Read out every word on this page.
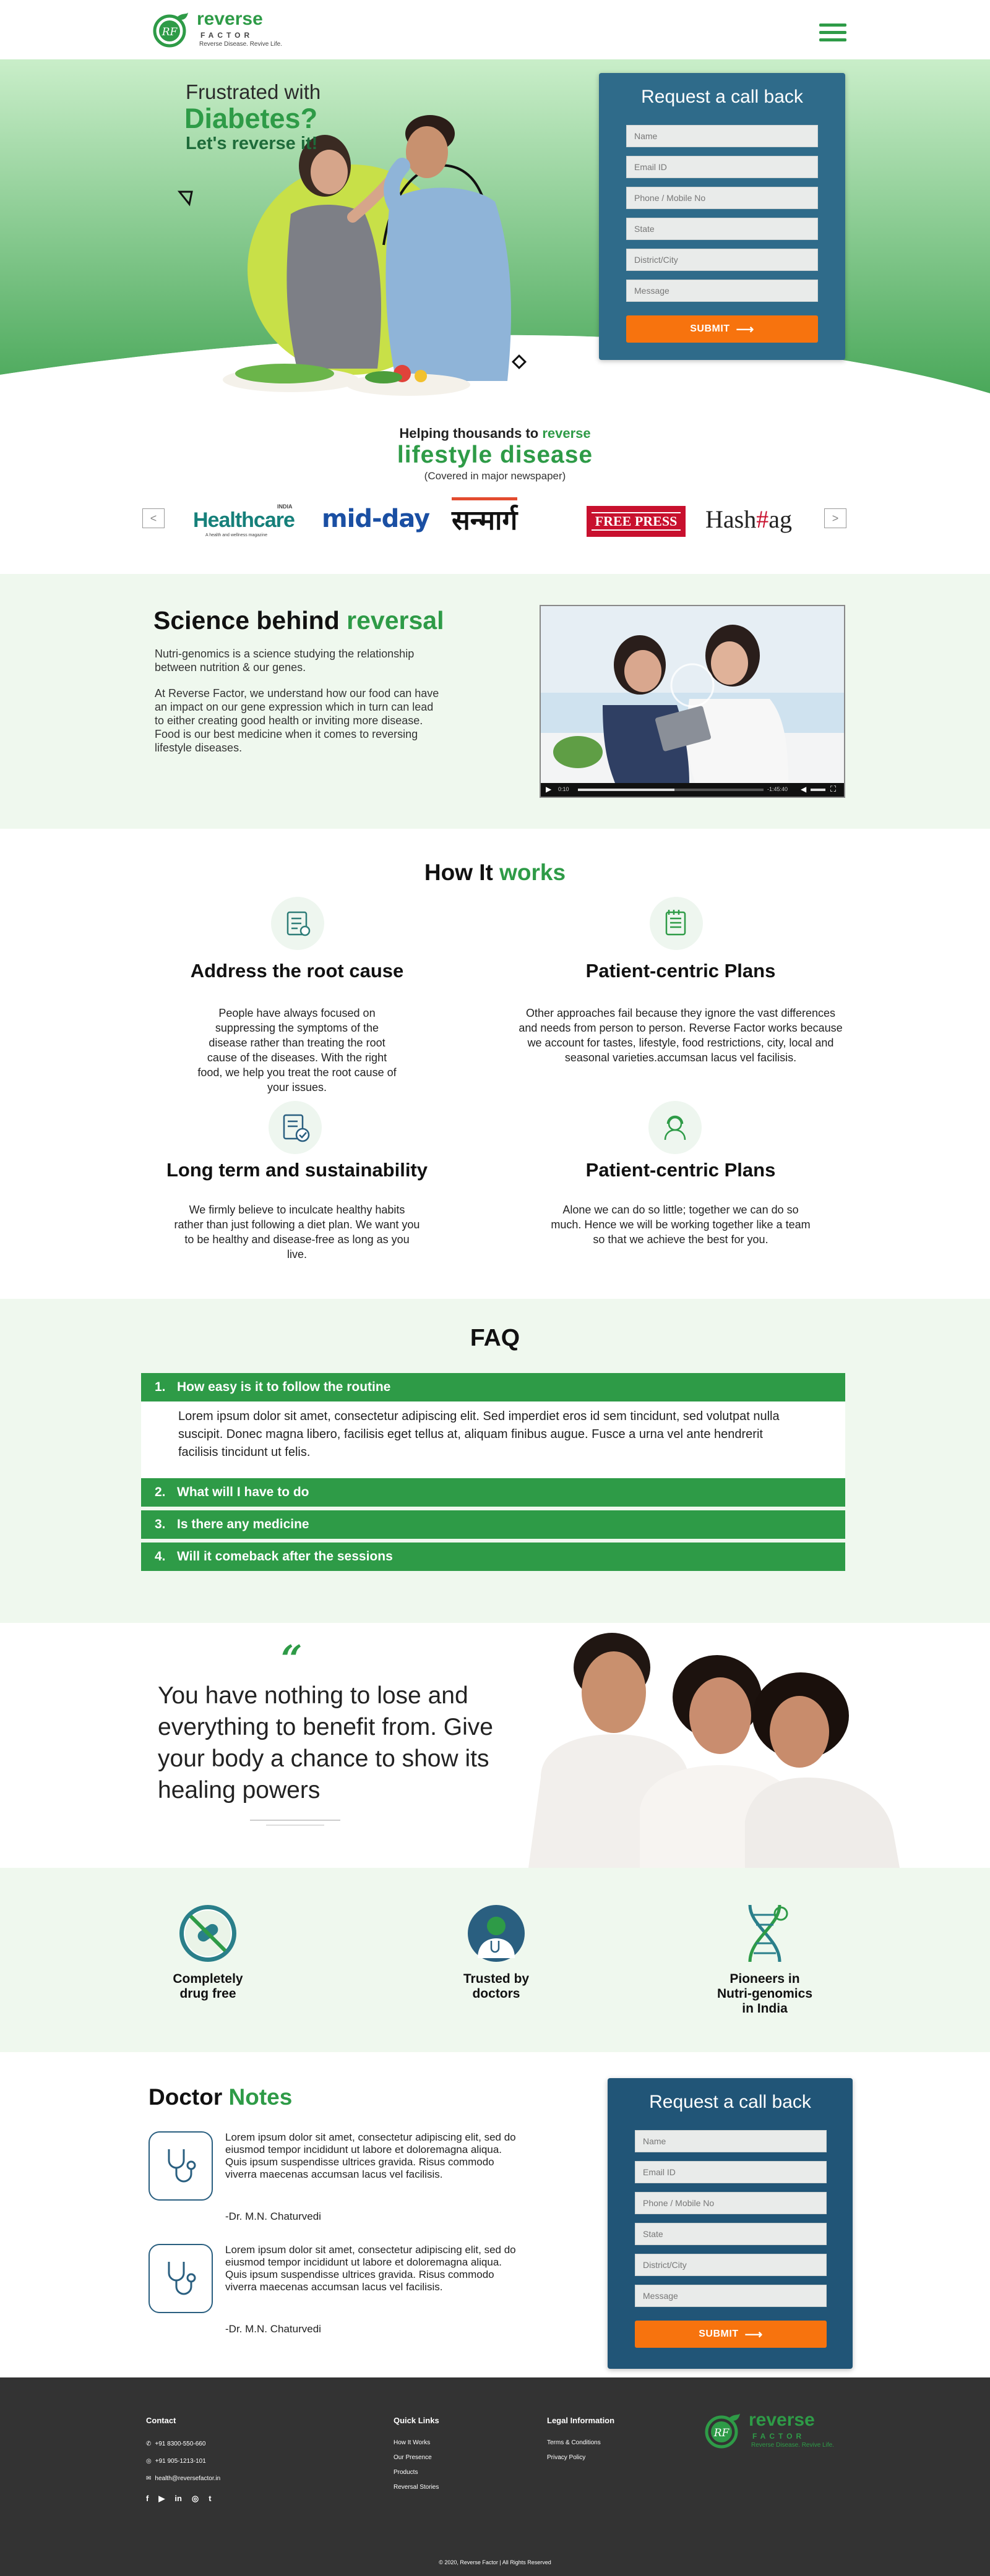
RF
reverse
FACTOR
Reverse Disease. Revive Life.
Frustrated with
Diabetes?
Let's reverse it!
Request a call back
Name
Email ID
Phone / Mobile No
State
District/City
Message
SUBMIT ⟶
Helping thousands to reverse
lifestyle disease
(Covered in major newspaper)
<	>
INDIA
Healthcare
A health and wellness magazine
mid-day सन्मार्ग	FREE PRESS Hash#ag
Science behind reversal
Nutri-genomics is a science studying the relationship between nutrition & our genes.
At Reverse Factor, we understand how our food can have an impact on our gene expression which in turn can lead to either creating good health or inviting more disease. Food is our best medicine when it comes to reversing lifestyle diseases.
▶ 0:10	-1:45:40 ◀	⛶
How It works
Address the root cause
People have always focused on suppressing the symptoms of the disease rather than treating the root cause of the diseases. With the right food, we help you treat the root cause of your issues.
Patient-centric Plans
Other approaches fail because they ignore the vast differences and needs from person to person. Reverse Factor works because we account for tastes, lifestyle, food restrictions, city, local and seasonal varieties.accumsan lacus vel facilisis.
Long term and sustainability
We firmly believe to inculcate healthy habits rather than just following a diet plan. We want you to be healthy and disease-free as long as you live.
Patient-centric Plans
Alone we can do so little; together we can do so much. Hence we will be working together like a team so that we achieve the best for you.
FAQ
1. How easy is it to follow the routine
Lorem ipsum dolor sit amet, consectetur adipiscing elit. Sed imperdiet eros id sem tincidunt, sed volutpat nulla suscipit. Donec magna libero, facilisis eget tellus at, aliquam finibus augue. Fusce a urna vel ante hendrerit facilisis tincidunt ut felis.
2. What will I have to do
3. Is there any medicine
4. Will it comeback after the sessions
“
You have nothing to lose and everything to benefit from. Give your body a chance to show its healing powers
Completely
drug free
Trusted by
doctors
Pioneers in
Nutri-genomics
in India
Doctor Notes
Lorem ipsum dolor sit amet, consectetur adipiscing elit, sed do eiusmod tempor incididunt ut labore et doloremagna aliqua. Quis ipsum suspendisse ultrices gravida. Risus commodo viverra maecenas accumsan lacus vel facilisis.
-Dr. M.N. Chaturvedi
Lorem ipsum dolor sit amet, consectetur adipiscing elit, sed do eiusmod tempor incididunt ut labore et doloremagna aliqua. Quis ipsum suspendisse ultrices gravida. Risus commodo viverra maecenas accumsan lacus vel facilisis.
-Dr. M.N. Chaturvedi
Request a call back
Name
Email ID
Phone / Mobile No
State
District/City
Message
SUBMIT ⟶
Contact
✆ +91 8300-550-660
◎ +91 905-1213-101
✉ health@reversefactor.in
f ▶ in ◎ t
Quick Links
How It Works
Our Presence
Products
Reversal Stories
Legal Information
Terms & Conditions
Privacy Policy
RF
reverse
FACTOR
Reverse Disease. Revive Life.
© 2020, Reverse Factor | All Rights Reserved
